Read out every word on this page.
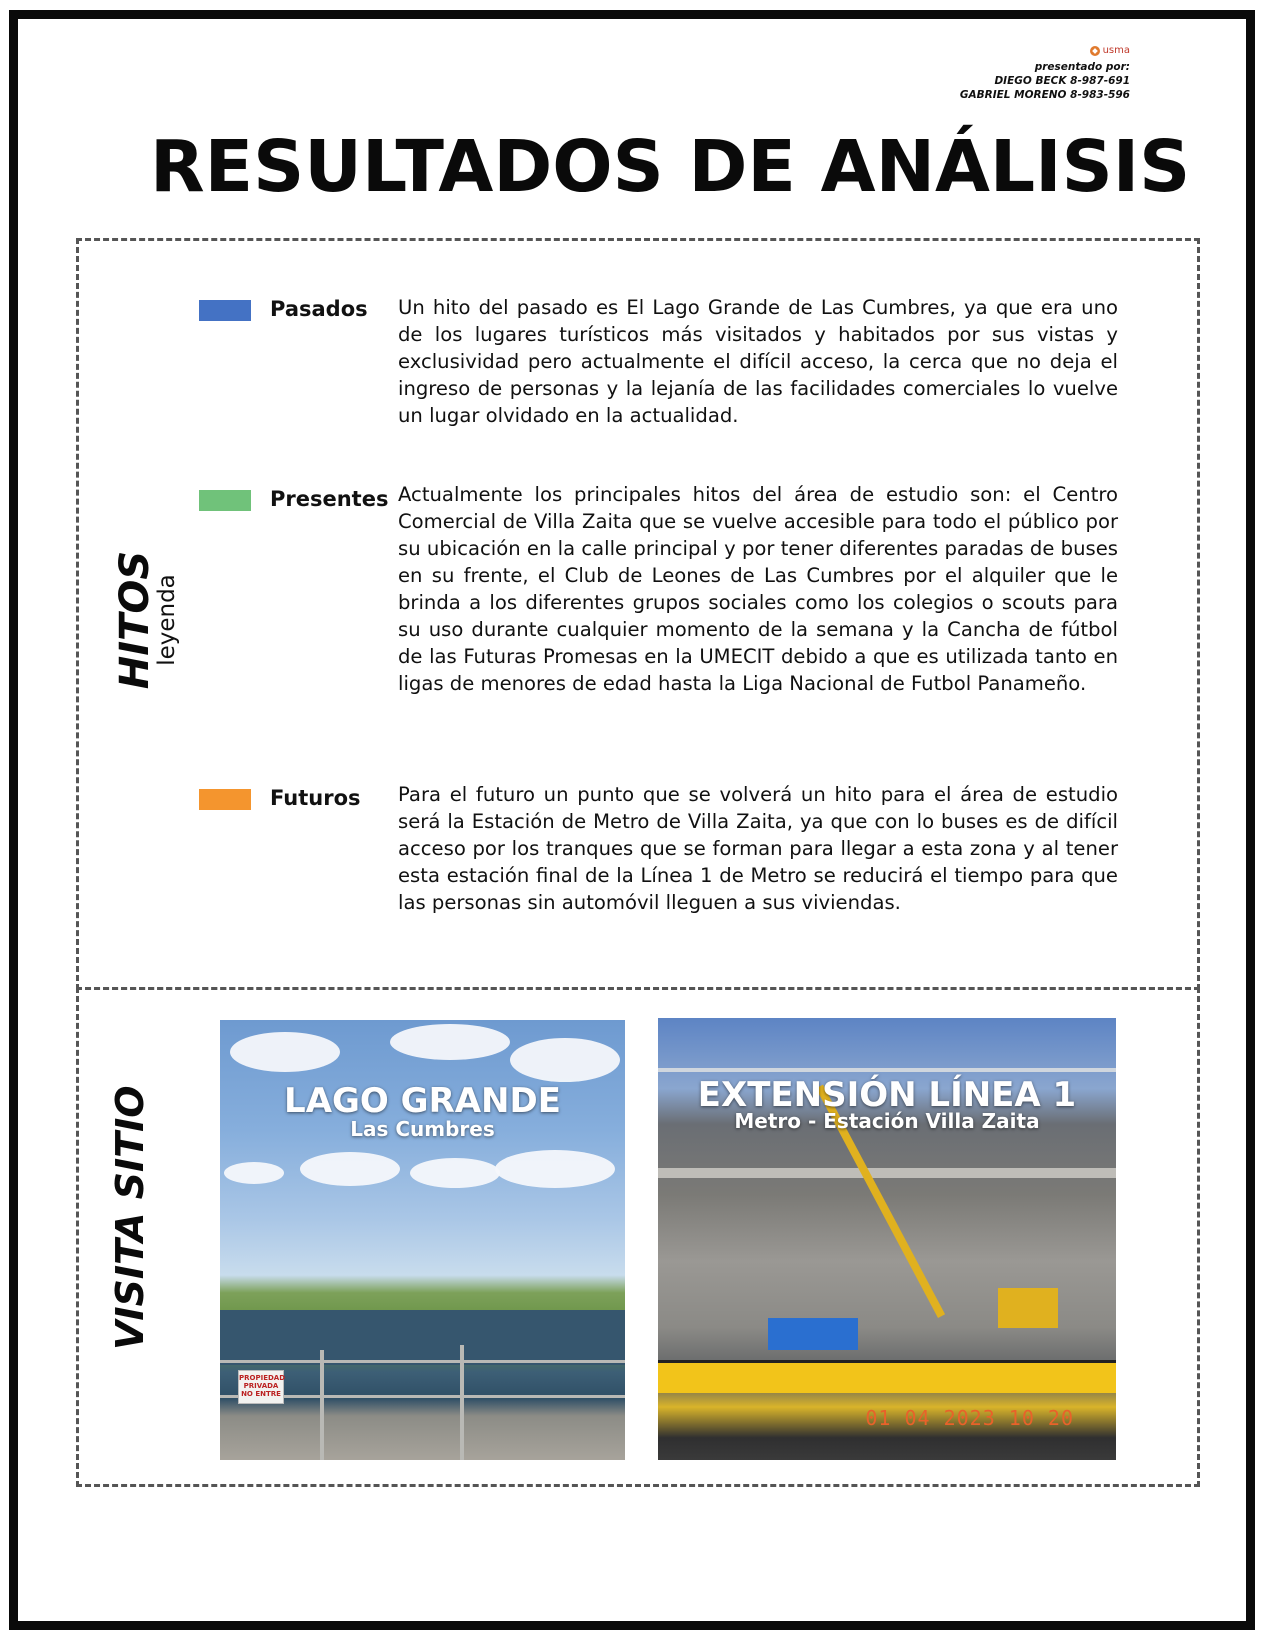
usma
presentado por:
DIEGO BECK 8-987-691
GABRIEL MORENO 8-983-596
RESULTADOS DE ANÁLISIS
HITOS
leyenda
Pasados Un hito del pasado es El Lago Grande de Las Cumbres, ya que era uno de los lugares turísticos más visitados y habitados por sus vistas y exclusividad pero actualmente el difícil acceso, la cerca que no deja el ingreso de personas y la lejanía de las facilidades comerciales lo vuelve un lugar olvidado en la actualidad.

Presentes Actualmente los principales hitos del área de estudio son: el Centro Comercial de Villa Zaita que se vuelve accesible para todo el público por su ubicación en la calle principal y por tener diferentes paradas de buses en su frente, el Club de Leones de Las Cumbres por el alquiler que le brinda a los diferentes grupos sociales como los colegios o scouts para su uso durante cualquier momento de la semana y la Cancha de fútbol de las Futuras Promesas en la UMECIT debido a que es utilizada tanto en ligas de menores de edad hasta la Liga Nacional de Futbol Panameño.

Futuros Para el futuro un punto que se volverá un hito para el área de estudio será la Estación de Metro de Villa Zaita, ya que con lo buses es de difícil acceso por los tranques que se forman para llegar a esta zona y al tener esta estación final de la Línea 1 de Metro se reducirá el tiempo para que las personas sin automóvil lleguen a sus viviendas.

VISITA SITIO
PROPIEDAD PRIVADA NO ENTRE
LAGO GRANDE
Las Cumbres
EXTENSIÓN LÍNEA 1
Metro - Estación Villa Zaita
01 04 2023 10 20
